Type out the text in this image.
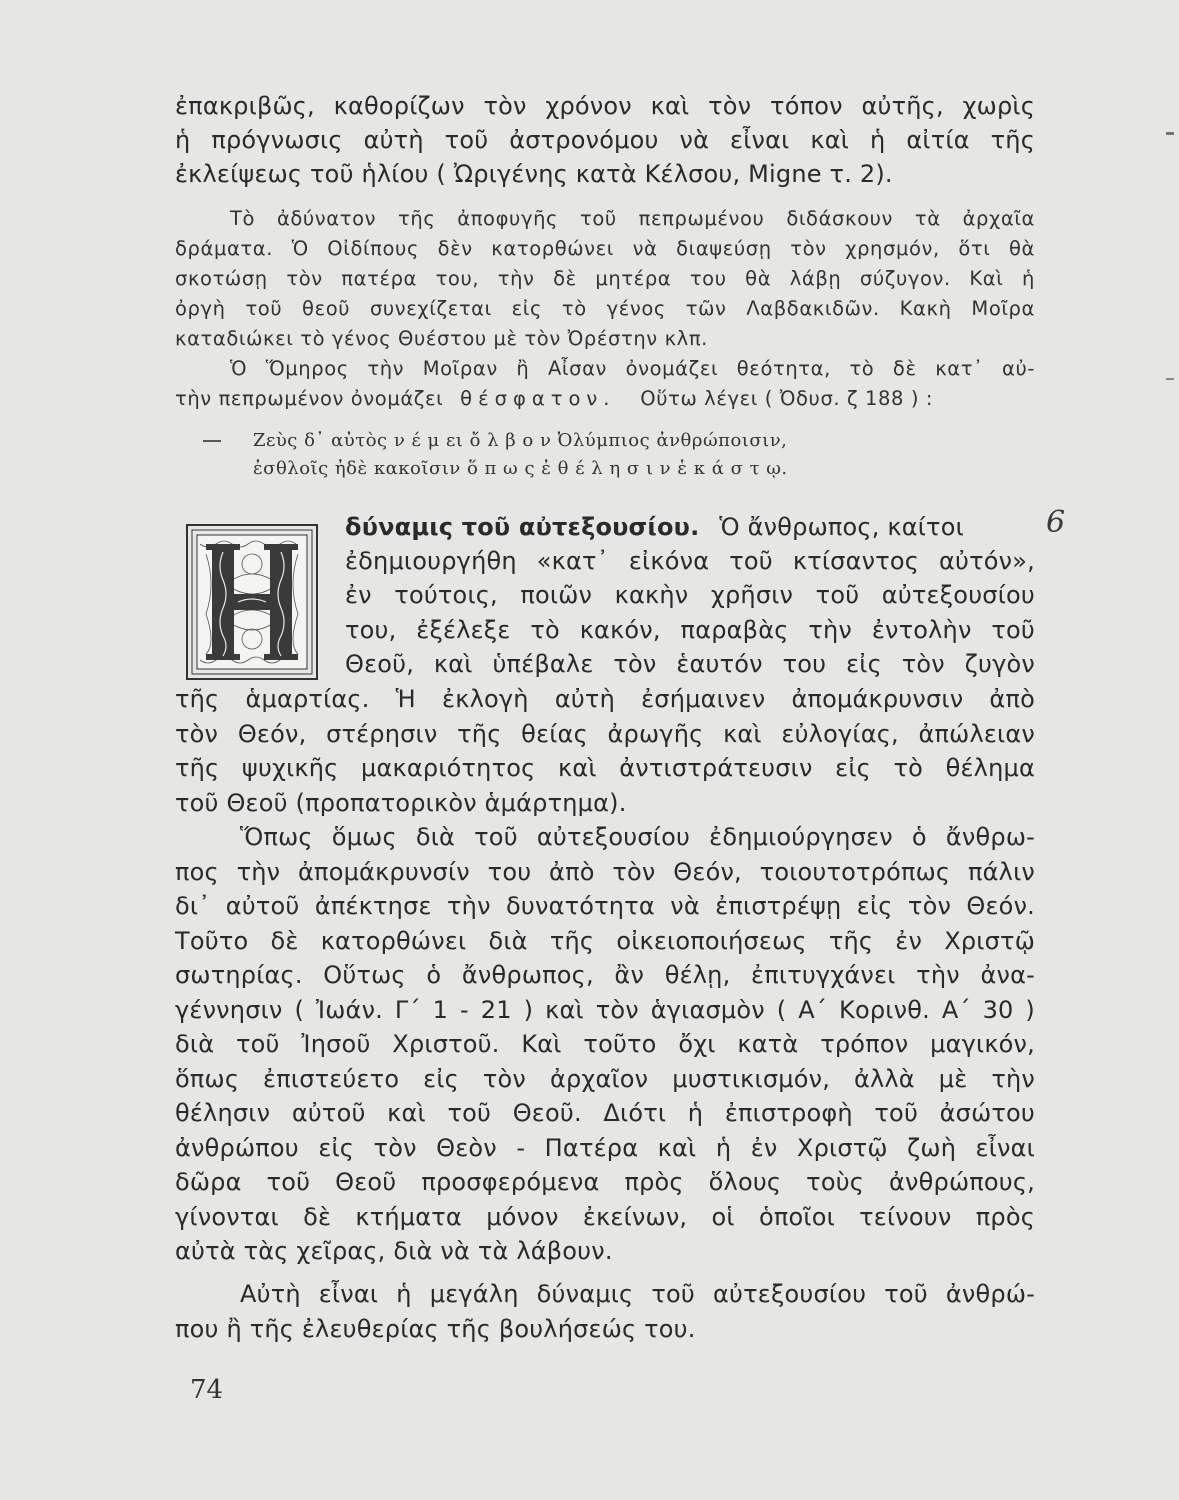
ἐπακριβῶς, καθορίζων τὸν χρόνον καὶ τὸν τόπον αὐτῆς, χωρὶς
ἡ πρόγνωσις αὐτὴ τοῦ ἀστρονόμου νὰ εἶναι καὶ ἡ αἰτία τῆς
ἐκλείψεως τοῦ ἡλίου ( Ὠριγένης κατὰ Κέλσου, Migne τ. 2).
Τὸ ἀδύνατον τῆς ἀποφυγῆς τοῦ πεπρωμένου διδάσκουν τὰ ἀρχαῖα
δράματα. Ὁ Οἰδίπους δὲν κατορθώνει νὰ διαψεύσῃ τὸν χρησμόν, ὅτι θὰ
σκοτώσῃ τὸν πατέρα του, τὴν δὲ μητέρα του θὰ λάβῃ σύζυγον. Καὶ ἡ
ὀργὴ τοῦ θεοῦ συνεχίζεται εἰς τὸ γένος τῶν Λαβδακιδῶν. Κακὴ Μοῖρα
καταδιώκει τὸ γένος Θυέστου μὲ τὸν Ὀρέστην κλπ.
Ὁ Ὅμηρος τὴν Μοῖραν ἢ Αἶσαν ὀνομάζει θεότητα, τὸ δὲ κατ᾿ αὐ-
τὴν πεπρωμένον ὀνομάζει θέσφατον. Οὕτω λέγει ( Ὀδυσ. ζ 188 ) :
Ζεὺς δ᾿ αὐτὸς ν έ μ ει ὄ λ β ο ν Ὀλύμπιος ἀνθρώποισιν,
ἐσθλοῖς ἠδὲ κακοῖσιν ὅ π ω ς ἐ θ έ λ η σ ι ν ἑ κ ά σ τ ῳ.
δύναμις τοῦ αὐτεξουσίου. Ὁ ἄνθρωπος, καίτοι
ἐδημιουργήθη «κατ᾿ εἰκόνα τοῦ κτίσαντος αὐτόν»,
ἐν τούτοις, ποιῶν κακὴν χρῆσιν τοῦ αὐτεξουσίου
του, ἐξέλεξε τὸ κακόν, παραβὰς τὴν ἐντολὴν τοῦ
Θεοῦ, καὶ ὑπέβαλε τὸν ἑαυτόν του εἰς τὸν ζυγὸν
τῆς ἁμαρτίας. Ἡ ἐκλογὴ αὐτὴ ἐσήμαινεν ἀπομάκρυνσιν ἀπὸ
τὸν Θεόν, στέρησιν τῆς θείας ἀρωγῆς καὶ εὐλογίας, ἀπώλειαν
τῆς ψυχικῆς μακαριότητος καὶ ἀντιστράτευσιν εἰς τὸ θέλημα
τοῦ Θεοῦ (προπατορικὸν ἁμάρτημα).
Ὅπως ὅμως διὰ τοῦ αὐτεξουσίου ἐδημιούργησεν ὁ ἄνθρω-
πος τὴν ἀπομάκρυνσίν του ἀπὸ τὸν Θεόν, τοιουτοτρόπως πάλιν
δι᾿ αὐτοῦ ἀπέκτησε τὴν δυνατότητα νὰ ἐπιστρέψῃ εἰς τὸν Θεόν.
Τοῦτο δὲ κατορθώνει διὰ τῆς οἰκειοποιήσεως τῆς ἐν Χριστῷ
σωτηρίας. Οὕτως ὁ ἄνθρωπος, ἂν θέλῃ, ἐπιτυγχάνει τὴν ἀνα-
γέννησιν ( Ἰωάν. Γ´ 1 - 21 ) καὶ τὸν ἁγιασμὸν ( Α´ Κορινθ. Α´ 30 )
διὰ τοῦ Ἰησοῦ Χριστοῦ. Καὶ τοῦτο ὄχι κατὰ τρόπον μαγικόν,
ὅπως ἐπιστεύετο εἰς τὸν ἀρχαῖον μυστικισμόν, ἀλλὰ μὲ τὴν
θέλησιν αὐτοῦ καὶ τοῦ Θεοῦ. Διότι ἡ ἐπιστροφὴ τοῦ ἀσώτου
ἀνθρώπου εἰς τὸν Θεὸν - Πατέρα καὶ ἡ ἐν Χριστῷ ζωὴ εἶναι
δῶρα τοῦ Θεοῦ προσφερόμενα πρὸς ὅλους τοὺς ἀνθρώπους,
γίνονται δὲ κτήματα μόνον ἐκείνων, οἱ ὁποῖοι τείνουν πρὸς
αὐτὰ τὰς χεῖρας, διὰ νὰ τὰ λάβουν.
Αὐτὴ εἶναι ἡ μεγάλη δύναμις τοῦ αὐτεξουσίου τοῦ ἀνθρώ-
που ἢ τῆς ἐλευθερίας τῆς βουλήσεώς του.
6
74
